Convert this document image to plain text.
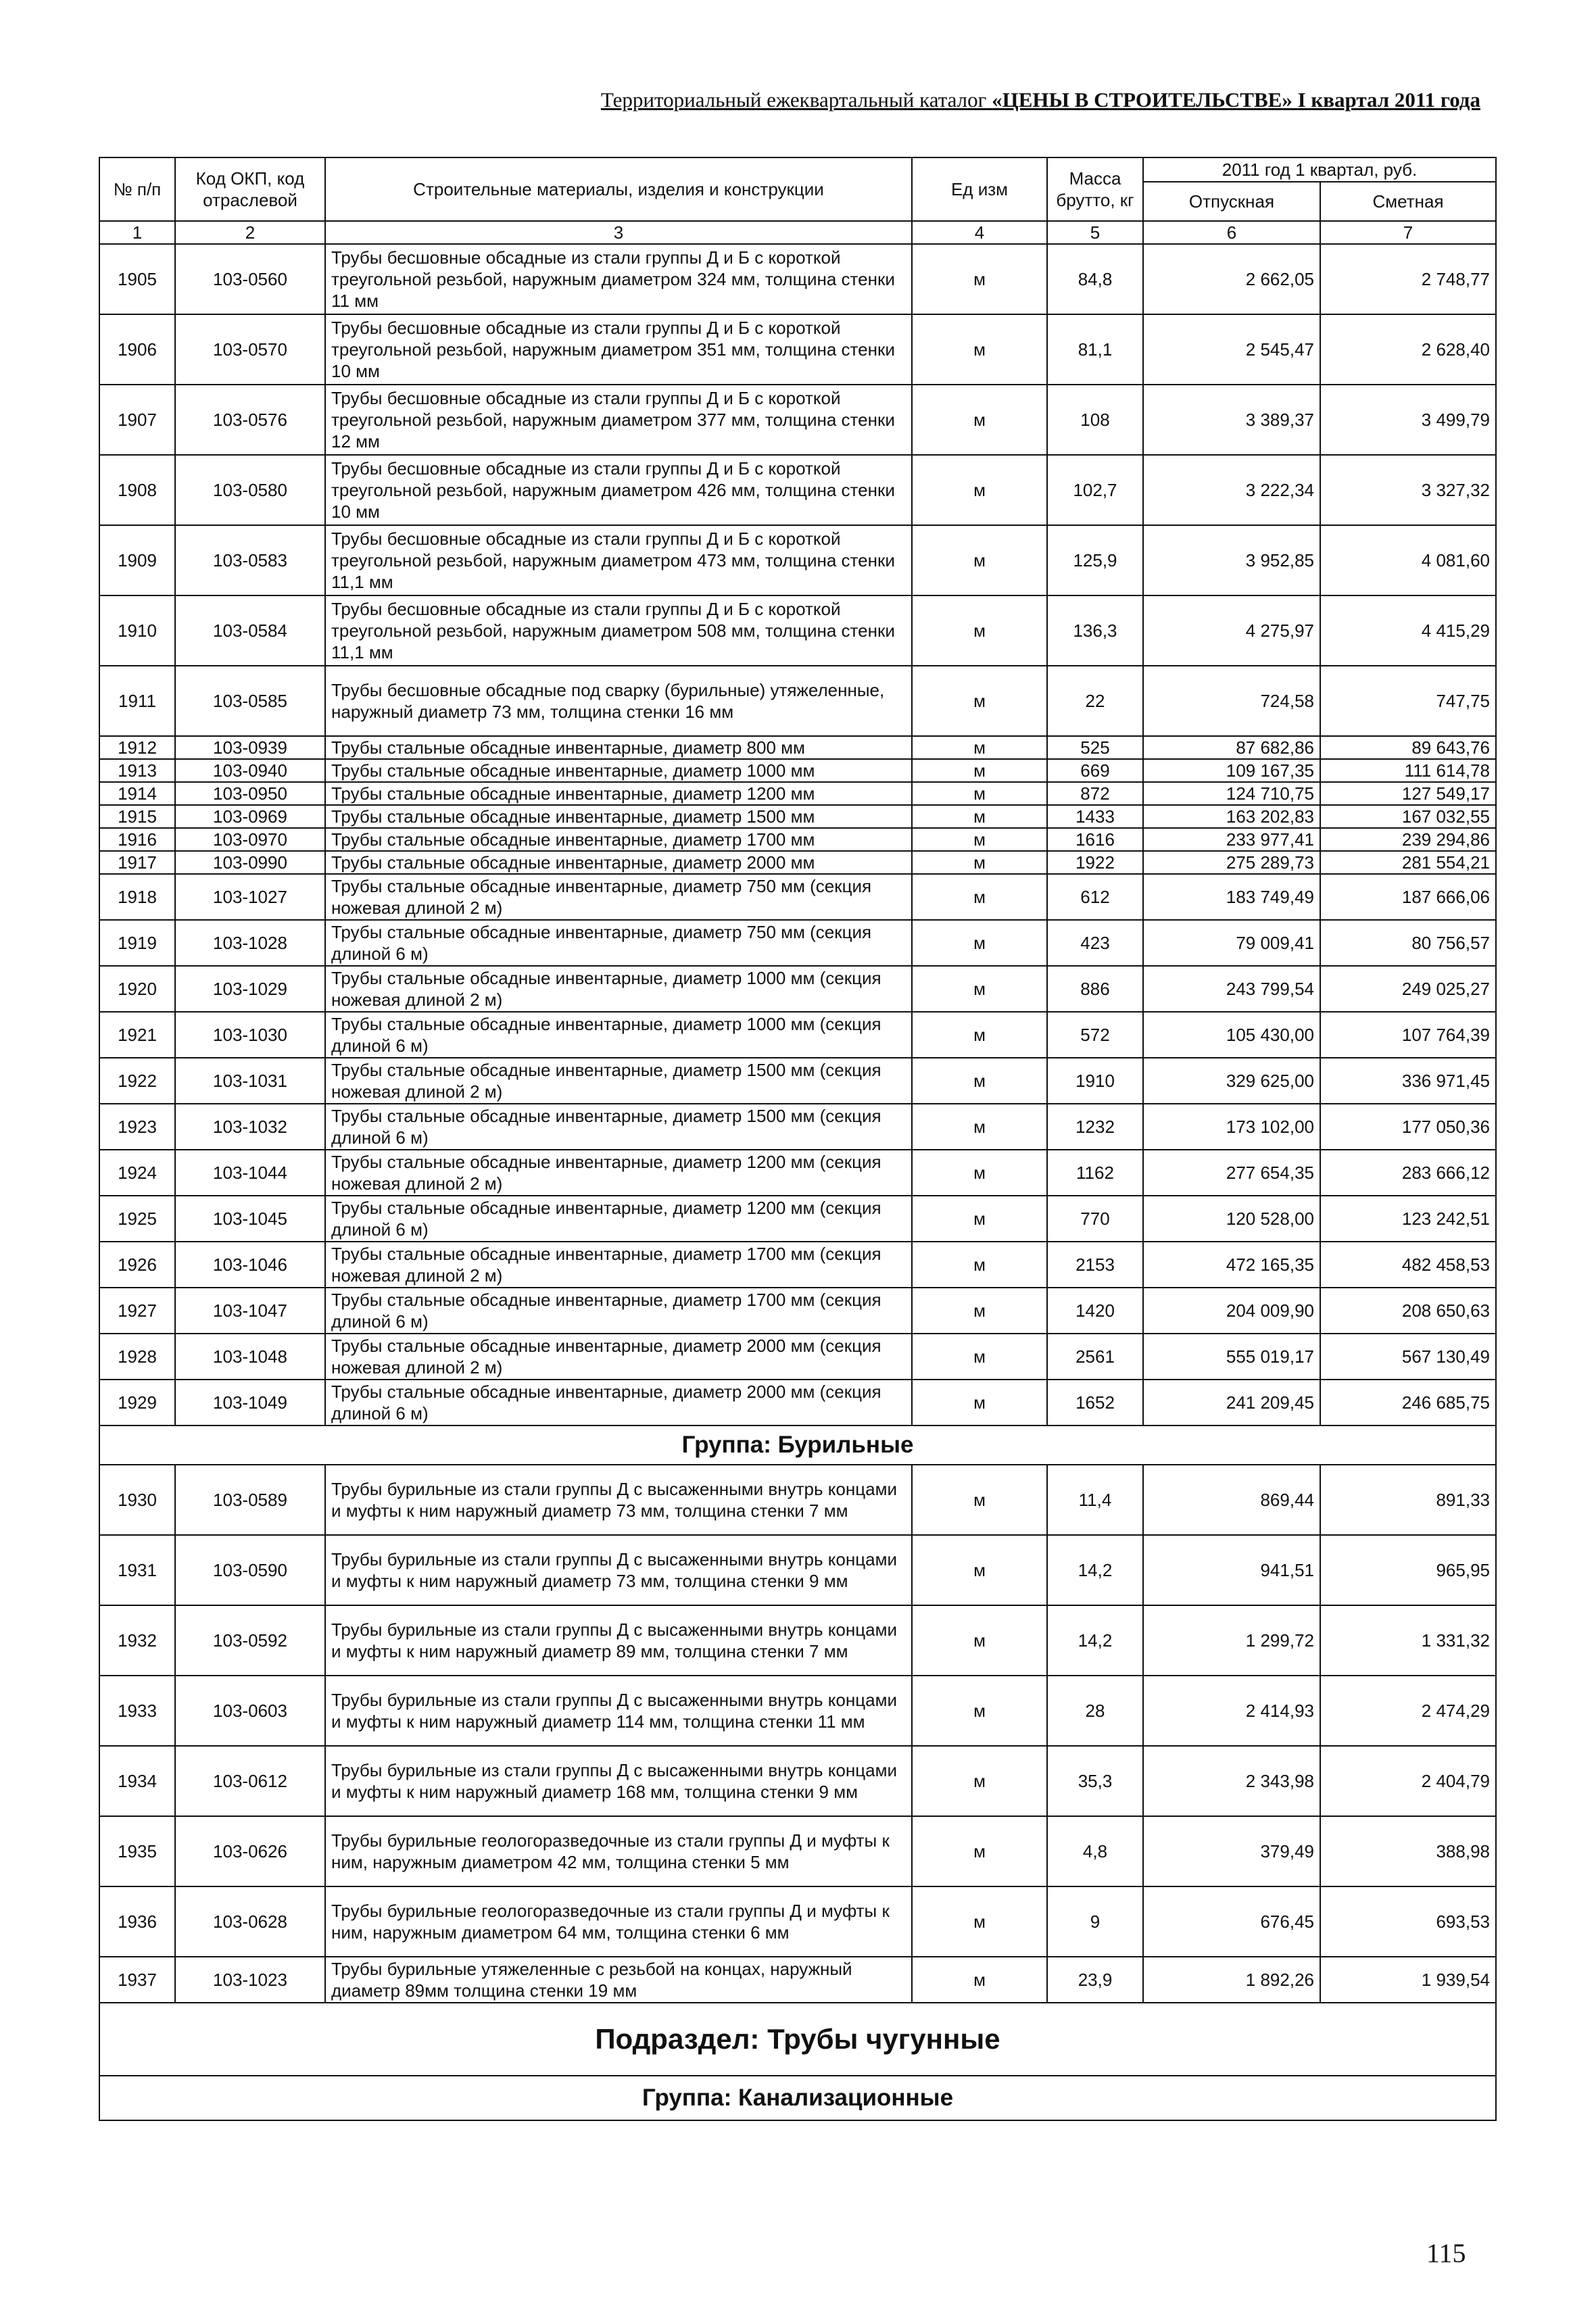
Территориальный ежеквартальный каталог «ЦЕНЫ В СТРОИТЕЛЬСТВЕ» I квартал 2011 года
№ п/п	Код ОКП, код отраслевой	Строительные материалы, изделия и конструкции	Ед изм	Масса брутто, кг	2011 год 1 квартал, руб.	
					Отпускная	Сметная
1	2	3	4	5	6	7
1905	103-0560	Трубы бесшовные обсадные из стали группы Д и Б с короткой треугольной резьбой, наружным диаметром 324 мм, толщина стенки 11 мм	м	84,8	2 662,05	2 748,77
1906	103-0570	Трубы бесшовные обсадные из стали группы Д и Б с короткой треугольной резьбой, наружным диаметром 351 мм, толщина стенки 10 мм	м	81,1	2 545,47	2 628,40
1907	103-0576	Трубы бесшовные обсадные из стали группы Д и Б с короткой треугольной резьбой, наружным диаметром 377 мм, толщина стенки 12 мм	м	108	3 389,37	3 499,79
1908	103-0580	Трубы бесшовные обсадные из стали группы Д и Б с короткой треугольной резьбой, наружным диаметром 426 мм, толщина стенки 10 мм	м	102,7	3 222,34	3 327,32
1909	103-0583	Трубы бесшовные обсадные из стали группы Д и Б с короткой треугольной резьбой, наружным диаметром 473 мм, толщина стенки 11,1 мм	м	125,9	3 952,85	4 081,60
1910	103-0584	Трубы бесшовные обсадные из стали группы Д и Б с короткой треугольной резьбой, наружным диаметром 508 мм, толщина стенки 11,1 мм	м	136,3	4 275,97	4 415,29
1911	103-0585	Трубы бесшовные обсадные под сварку (бурильные) утяжеленные, наружный диаметр 73 мм, толщина стенки 16 мм	м	22	724,58	747,75
1912	103-0939	Трубы стальные обсадные инвентарные, диаметр 800 мм	м	525	87 682,86	89 643,76
1913	103-0940	Трубы стальные обсадные инвентарные, диаметр 1000 мм	м	669	109 167,35	111 614,78
1914	103-0950	Трубы стальные обсадные инвентарные, диаметр 1200 мм	м	872	124 710,75	127 549,17
1915	103-0969	Трубы стальные обсадные инвентарные, диаметр 1500 мм	м	1433	163 202,83	167 032,55
1916	103-0970	Трубы стальные обсадные инвентарные, диаметр 1700 мм	м	1616	233 977,41	239 294,86
1917	103-0990	Трубы стальные обсадные инвентарные, диаметр 2000 мм	м	1922	275 289,73	281 554,21
1918	103-1027	Трубы стальные обсадные инвентарные, диаметр 750 мм (секция ножевая длиной 2 м)	м	612	183 749,49	187 666,06
1919	103-1028	Трубы стальные обсадные инвентарные, диаметр 750 мм (секция длиной 6 м)	м	423	79 009,41	80 756,57
1920	103-1029	Трубы стальные обсадные инвентарные, диаметр 1000 мм (секция ножевая длиной 2 м)	м	886	243 799,54	249 025,27
1921	103-1030	Трубы стальные обсадные инвентарные, диаметр 1000 мм (секция длиной 6 м)	м	572	105 430,00	107 764,39
1922	103-1031	Трубы стальные обсадные инвентарные, диаметр 1500 мм (секция ножевая длиной 2 м)	м	1910	329 625,00	336 971,45
1923	103-1032	Трубы стальные обсадные инвентарные, диаметр 1500 мм (секция длиной 6 м)	м	1232	173 102,00	177 050,36
1924	103-1044	Трубы стальные обсадные инвентарные, диаметр 1200 мм (секция ножевая длиной 2 м)	м	1162	277 654,35	283 666,12
1925	103-1045	Трубы стальные обсадные инвентарные, диаметр 1200 мм (секция длиной 6 м)	м	770	120 528,00	123 242,51
1926	103-1046	Трубы стальные обсадные инвентарные, диаметр 1700 мм (секция ножевая длиной 2 м)	м	2153	472 165,35	482 458,53
1927	103-1047	Трубы стальные обсадные инвентарные, диаметр 1700 мм (секция длиной 6 м)	м	1420	204 009,90	208 650,63
1928	103-1048	Трубы стальные обсадные инвентарные, диаметр 2000 мм (секция ножевая длиной 2 м)	м	2561	555 019,17	567 130,49
1929	103-1049	Трубы стальные обсадные инвентарные, диаметр 2000 мм (секция длиной 6 м)	м	1652	241 209,45	246 685,75
Группа: Бурильные						
1930	103-0589	Трубы бурильные из стали группы Д с высаженными внутрь концами и муфты к ним наружный диаметр 73 мм, толщина стенки 7 мм	м	11,4	869,44	891,33
1931	103-0590	Трубы бурильные из стали группы Д с высаженными внутрь концами и муфты к ним наружный диаметр 73 мм, толщина стенки 9 мм	м	14,2	941,51	965,95
1932	103-0592	Трубы бурильные из стали группы Д с высаженными внутрь концами и муфты к ним наружный диаметр 89 мм, толщина стенки 7 мм	м	14,2	1 299,72	1 331,32
1933	103-0603	Трубы бурильные из стали группы Д с высаженными внутрь концами и муфты к ним наружный диаметр 114 мм, толщина стенки 11 мм	м	28	2 414,93	2 474,29
1934	103-0612	Трубы бурильные из стали группы Д с высаженными внутрь концами и муфты к ним наружный диаметр 168 мм, толщина стенки 9 мм	м	35,3	2 343,98	2 404,79
1935	103-0626	Трубы бурильные геологоразведочные из стали группы Д и муфты к ним, наружным диаметром 42 мм, толщина стенки 5 мм	м	4,8	379,49	388,98
1936	103-0628	Трубы бурильные геологоразведочные из стали группы Д и муфты к ним, наружным диаметром 64 мм, толщина стенки 6 мм	м	9	676,45	693,53
1937	103-1023	Трубы бурильные утяжеленные с резьбой на концах, наружный диаметр 89мм толщина стенки 19 мм	м	23,9	1 892,26	1 939,54
Подраздел: Трубы чугунные						
Группа: Канализационные						
115
